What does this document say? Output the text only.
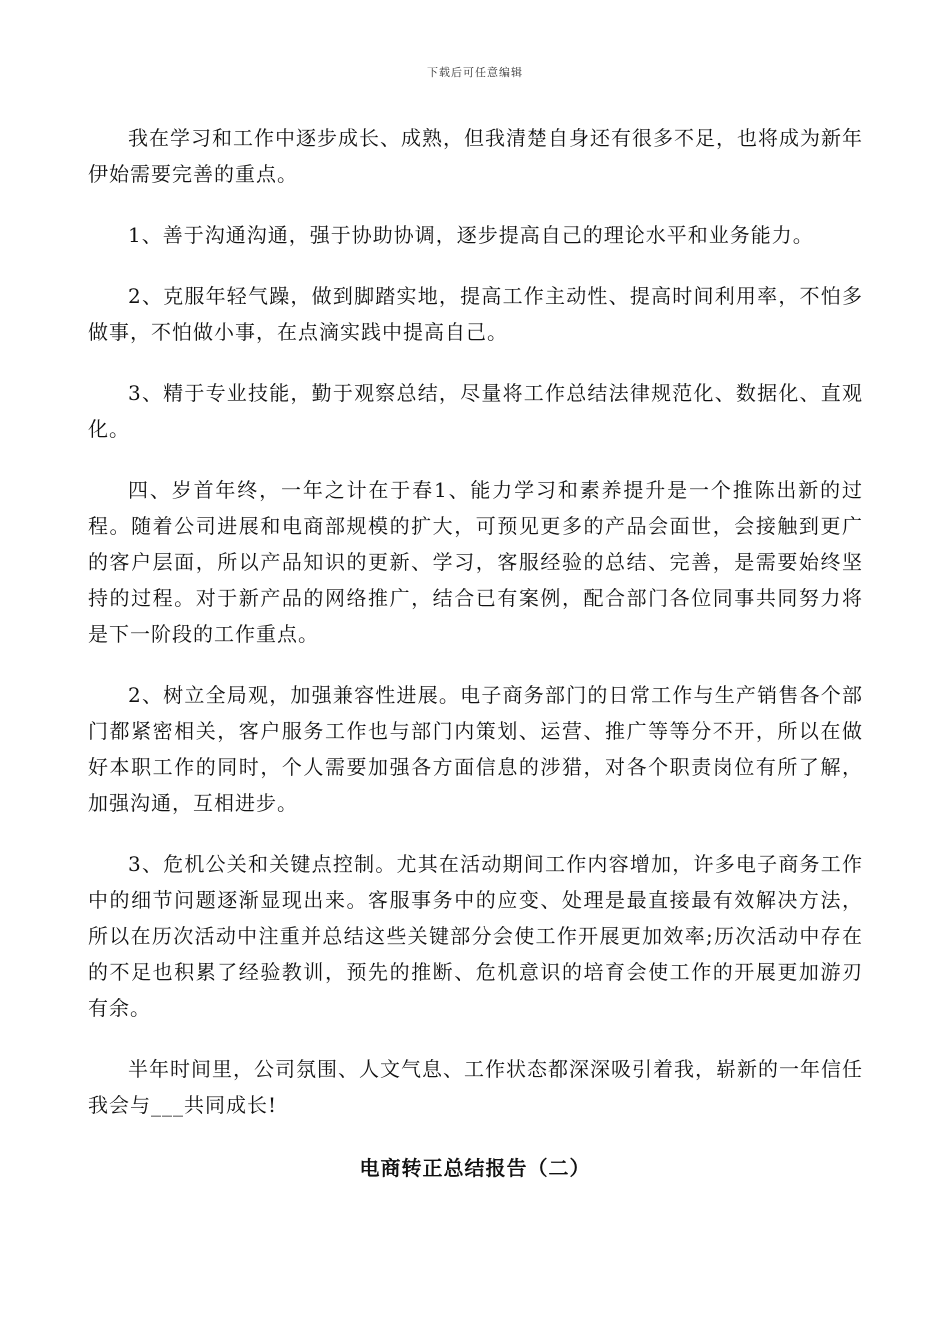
下载后可任意编辑

我在学习和工作中逐步成长、成熟，但我清楚自身还有很多不足，也将成为新年伊始需要完善的重点。

1、善于沟通沟通，强于协助协调，逐步提高自己的理论水平和业务能力。

2、克服年轻气躁，做到脚踏实地，提高工作主动性、提高时间利用率，不怕多做事，不怕做小事，在点滴实践中提高自己。

3、精于专业技能，勤于观察总结，尽量将工作总结法律规范化、数据化、直观化。

四、岁首年终，一年之计在于春1、能力学习和素养提升是一个推陈出新的过程。随着公司进展和电商部规模的扩大，可预见更多的产品会面世，会接触到更广的客户层面，所以产品知识的更新、学习，客服经验的总结、完善，是需要始终坚持的过程。对于新产品的网络推广，结合已有案例，配合部门各位同事共同努力将是下一阶段的工作重点。

2、树立全局观，加强兼容性进展。电子商务部门的日常工作与生产销售各个部门都紧密相关，客户服务工作也与部门内策划、运营、推广等等分不开，所以在做好本职工作的同时，个人需要加强各方面信息的涉猎，对各个职责岗位有所了解，加强沟通，互相进步。

3、危机公关和关键点控制。尤其在活动期间工作内容增加，许多电子商务工作中的细节问题逐渐显现出来。客服事务中的应变、处理是最直接最有效解决方法，所以在历次活动中注重并总结这些关键部分会使工作开展更加效率;历次活动中存在的不足也积累了经验教训，预先的推断、危机意识的培育会使工作的开展更加游刃有余。

半年时间里，公司氛围、人文气息、工作状态都深深吸引着我，崭新的一年信任我会与___共同成长!

电商转正总结报告（二）
